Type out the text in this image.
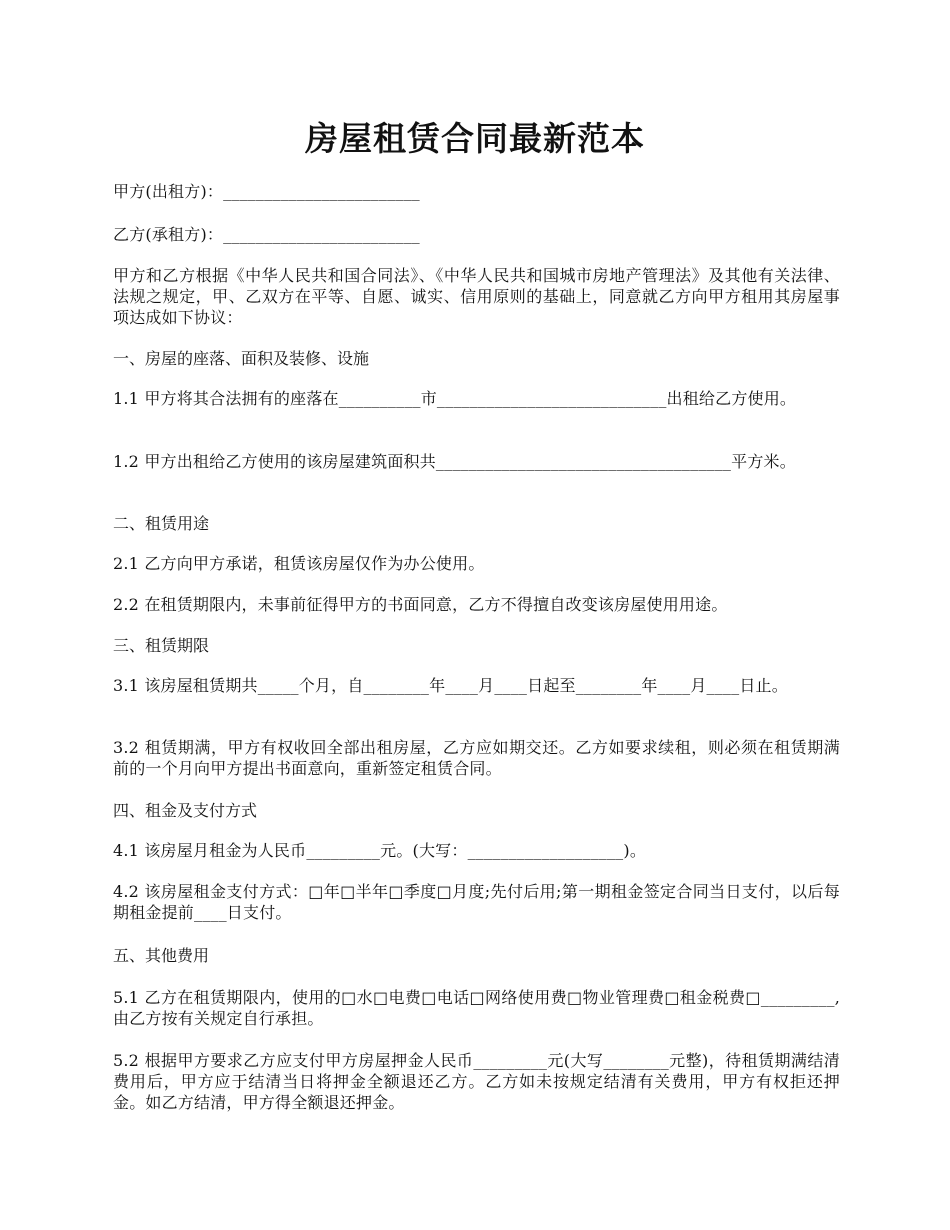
房屋租赁合同最新范本

甲方(出租方)：________________________

乙方(承租方)：________________________

甲方和乙方根据《中华人民共和国合同法》、《中华人民共和国城市房地产管理法》及其他有关法律、法规之规定，甲、乙双方在平等、自愿、诚实、信用原则的基础上，同意就乙方向甲方租用其房屋事项达成如下协议：

一、房屋的座落、面积及装修、设施

1.1 甲方将其合法拥有的座落在__________市____________________________出租给乙方使用。

1.2 甲方出租给乙方使用的该房屋建筑面积共____________________________________平方米。

二、租赁用途

2.1 乙方向甲方承诺，租赁该房屋仅作为办公使用。

2.2 在租赁期限内，未事前征得甲方的书面同意，乙方不得擅自改变该房屋使用用途。

三、租赁期限

3.1 该房屋租赁期共_____个月，自________年____月____日起至________年____月____日止。

3.2 租赁期满，甲方有权收回全部出租房屋，乙方应如期交还。乙方如要求续租，则必须在租赁期满前的一个月向甲方提出书面意向，重新签定租赁合同。

四、租金及支付方式

4.1 该房屋月租金为人民币_________元。(大写：___________________)。

4.2 该房屋租金支付方式：□年□半年□季度□月度;先付后用;第一期租金签定合同当日支付，以后每期租金提前____日支付。

五、其他费用

5.1 乙方在租赁期限内，使用的□水□电费□电话□网络使用费□物业管理费□租金税费□_________,由乙方按有关规定自行承担。

5.2 根据甲方要求乙方应支付甲方房屋押金人民币_________元(大写________元整)，待租赁期满结清费用后，甲方应于结清当日将押金全额退还乙方。乙方如未按规定结清有关费用，甲方有权拒还押金。如乙方结清，甲方得全额退还押金。
